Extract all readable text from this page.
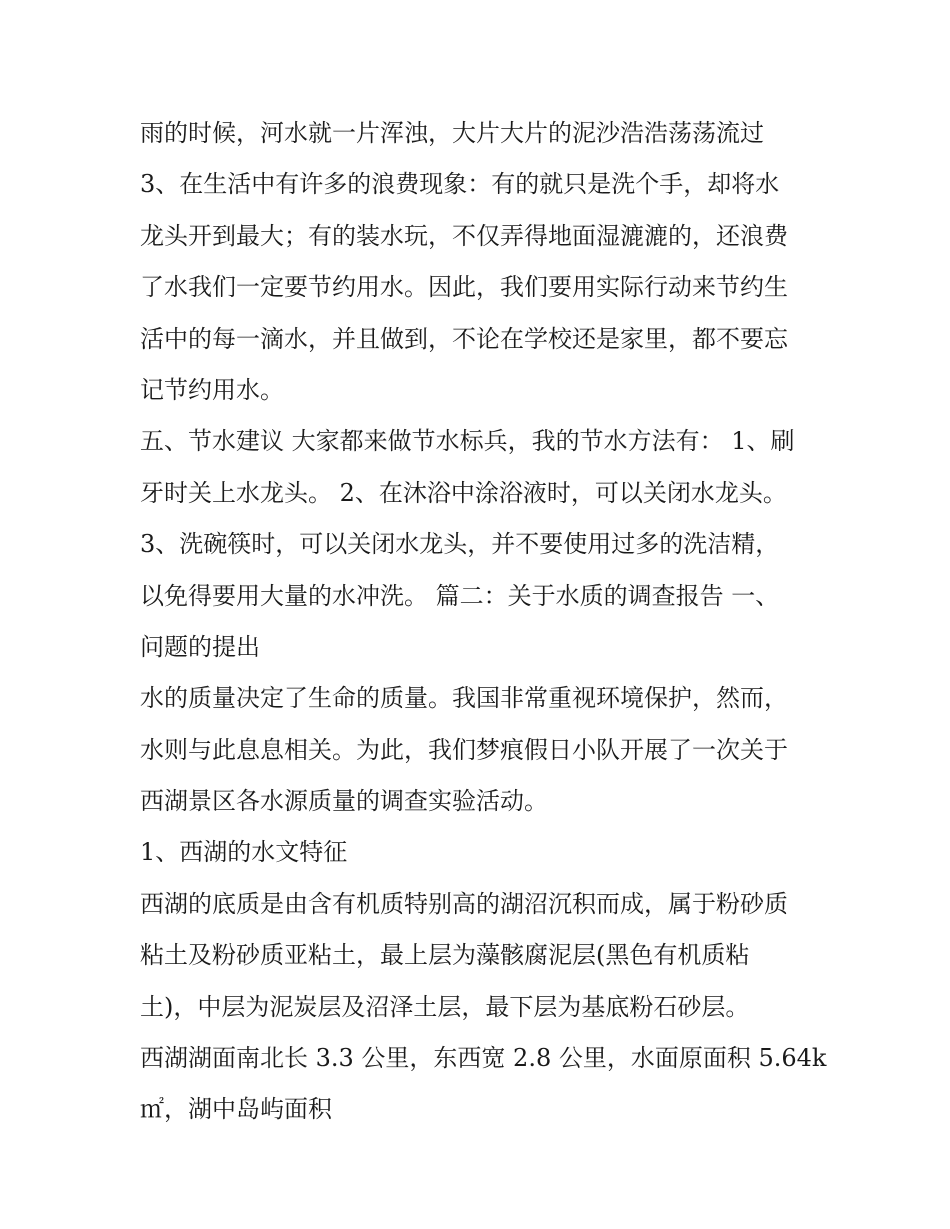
雨的时候，河水就一片浑浊，大片大片的泥沙浩浩荡荡流过
3、在生活中有许多的浪费现象：有的就只是洗个手，却将水
龙头开到最大；有的装水玩，不仅弄得地面湿漉漉的，还浪费
了水我们一定要节约用水。因此，我们要用实际行动来节约生
活中的每一滴水，并且做到，不论在学校还是家里，都不要忘
记节约用水。
五、节水建议 大家都来做节水标兵，我的节水方法有： 1、刷
牙时关上水龙头。 2、在沐浴中涂浴液时，可以关闭水龙头。
3、洗碗筷时，可以关闭水龙头，并不要使用过多的洗洁精，
以免得要用大量的水冲洗。 篇二：关于水质的调查报告 一、
问题的提出
水的质量决定了生命的质量。我国非常重视环境保护，然而，
水则与此息息相关。为此，我们梦痕假日小队开展了一次关于
西湖景区各水源质量的调查实验活动。
1、西湖的水文特征
西湖的底质是由含有机质特别高的湖沼沉积而成，属于粉砂质
粘土及粉砂质亚粘土，最上层为藻骸腐泥层(黑色有机质粘
土)，中层为泥炭层及沼泽土层，最下层为基底粉石砂层。
西湖湖面南北长 3.3 公里，东西宽 2.8 公里，水面原面积 5.64k
㎡，湖中岛屿面积
